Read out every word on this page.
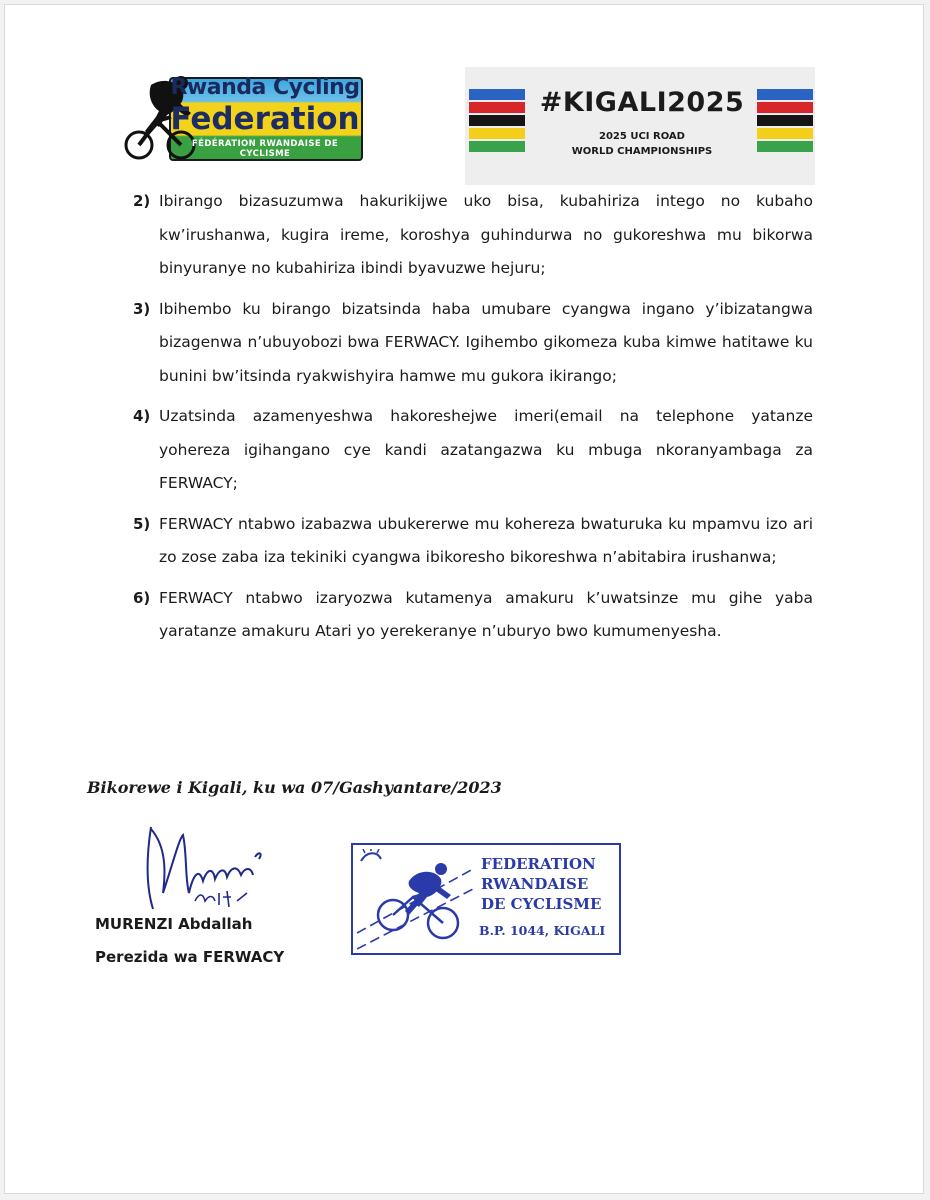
Rwanda Cycling
Federation
FÉDÉRATION RWANDAISE DE CYCLISME
#KIGALI2025
2025 UCI ROAD
WORLD CHAMPIONSHIPS
2) Ibirango bizasuzumwa hakurikijwe uko bisa, kubahiriza intego no kubaho kw’irushanwa, kugira ireme, koroshya guhindurwa no gukoreshwa mu bikorwa binyuranye no kubahiriza ibindi byavuzwe hejuru;
3) Ibihembo ku birango bizatsinda haba umubare cyangwa ingano y’ibizatangwa bizagenwa n’ubuyobozi bwa FERWACY. Igihembo gikomeza kuba kimwe hatitawe ku bunini bw’itsinda ryakwishyira hamwe mu gukora ikirango;
4) Uzatsinda azamenyeshwa hakoreshejwe imeri(email na telephone yatanze yohereza igihangano cye kandi azatangazwa ku mbuga nkoranyambaga za FERWACY;
5) FERWACY ntabwo izabazwa ubukererwe mu kohereza bwaturuka ku mpamvu izo ari zo zose zaba iza tekiniki cyangwa ibikoresho bikoreshwa n’abitabira irushanwa;
6) FERWACY ntabwo izaryozwa kutamenya amakuru k’uwatsinze mu gihe yaba yaratanze amakuru Atari yo yerekeranye n’uburyo bwo kumumenyesha.
Bikorewe i Kigali, ku wa 07/Gashyantare/2023
MURENZI Abdallah
Perezida wa FERWACY
FEDERATION
RWANDAISE
DE CYCLISME
B.P. 1044, KIGALI
